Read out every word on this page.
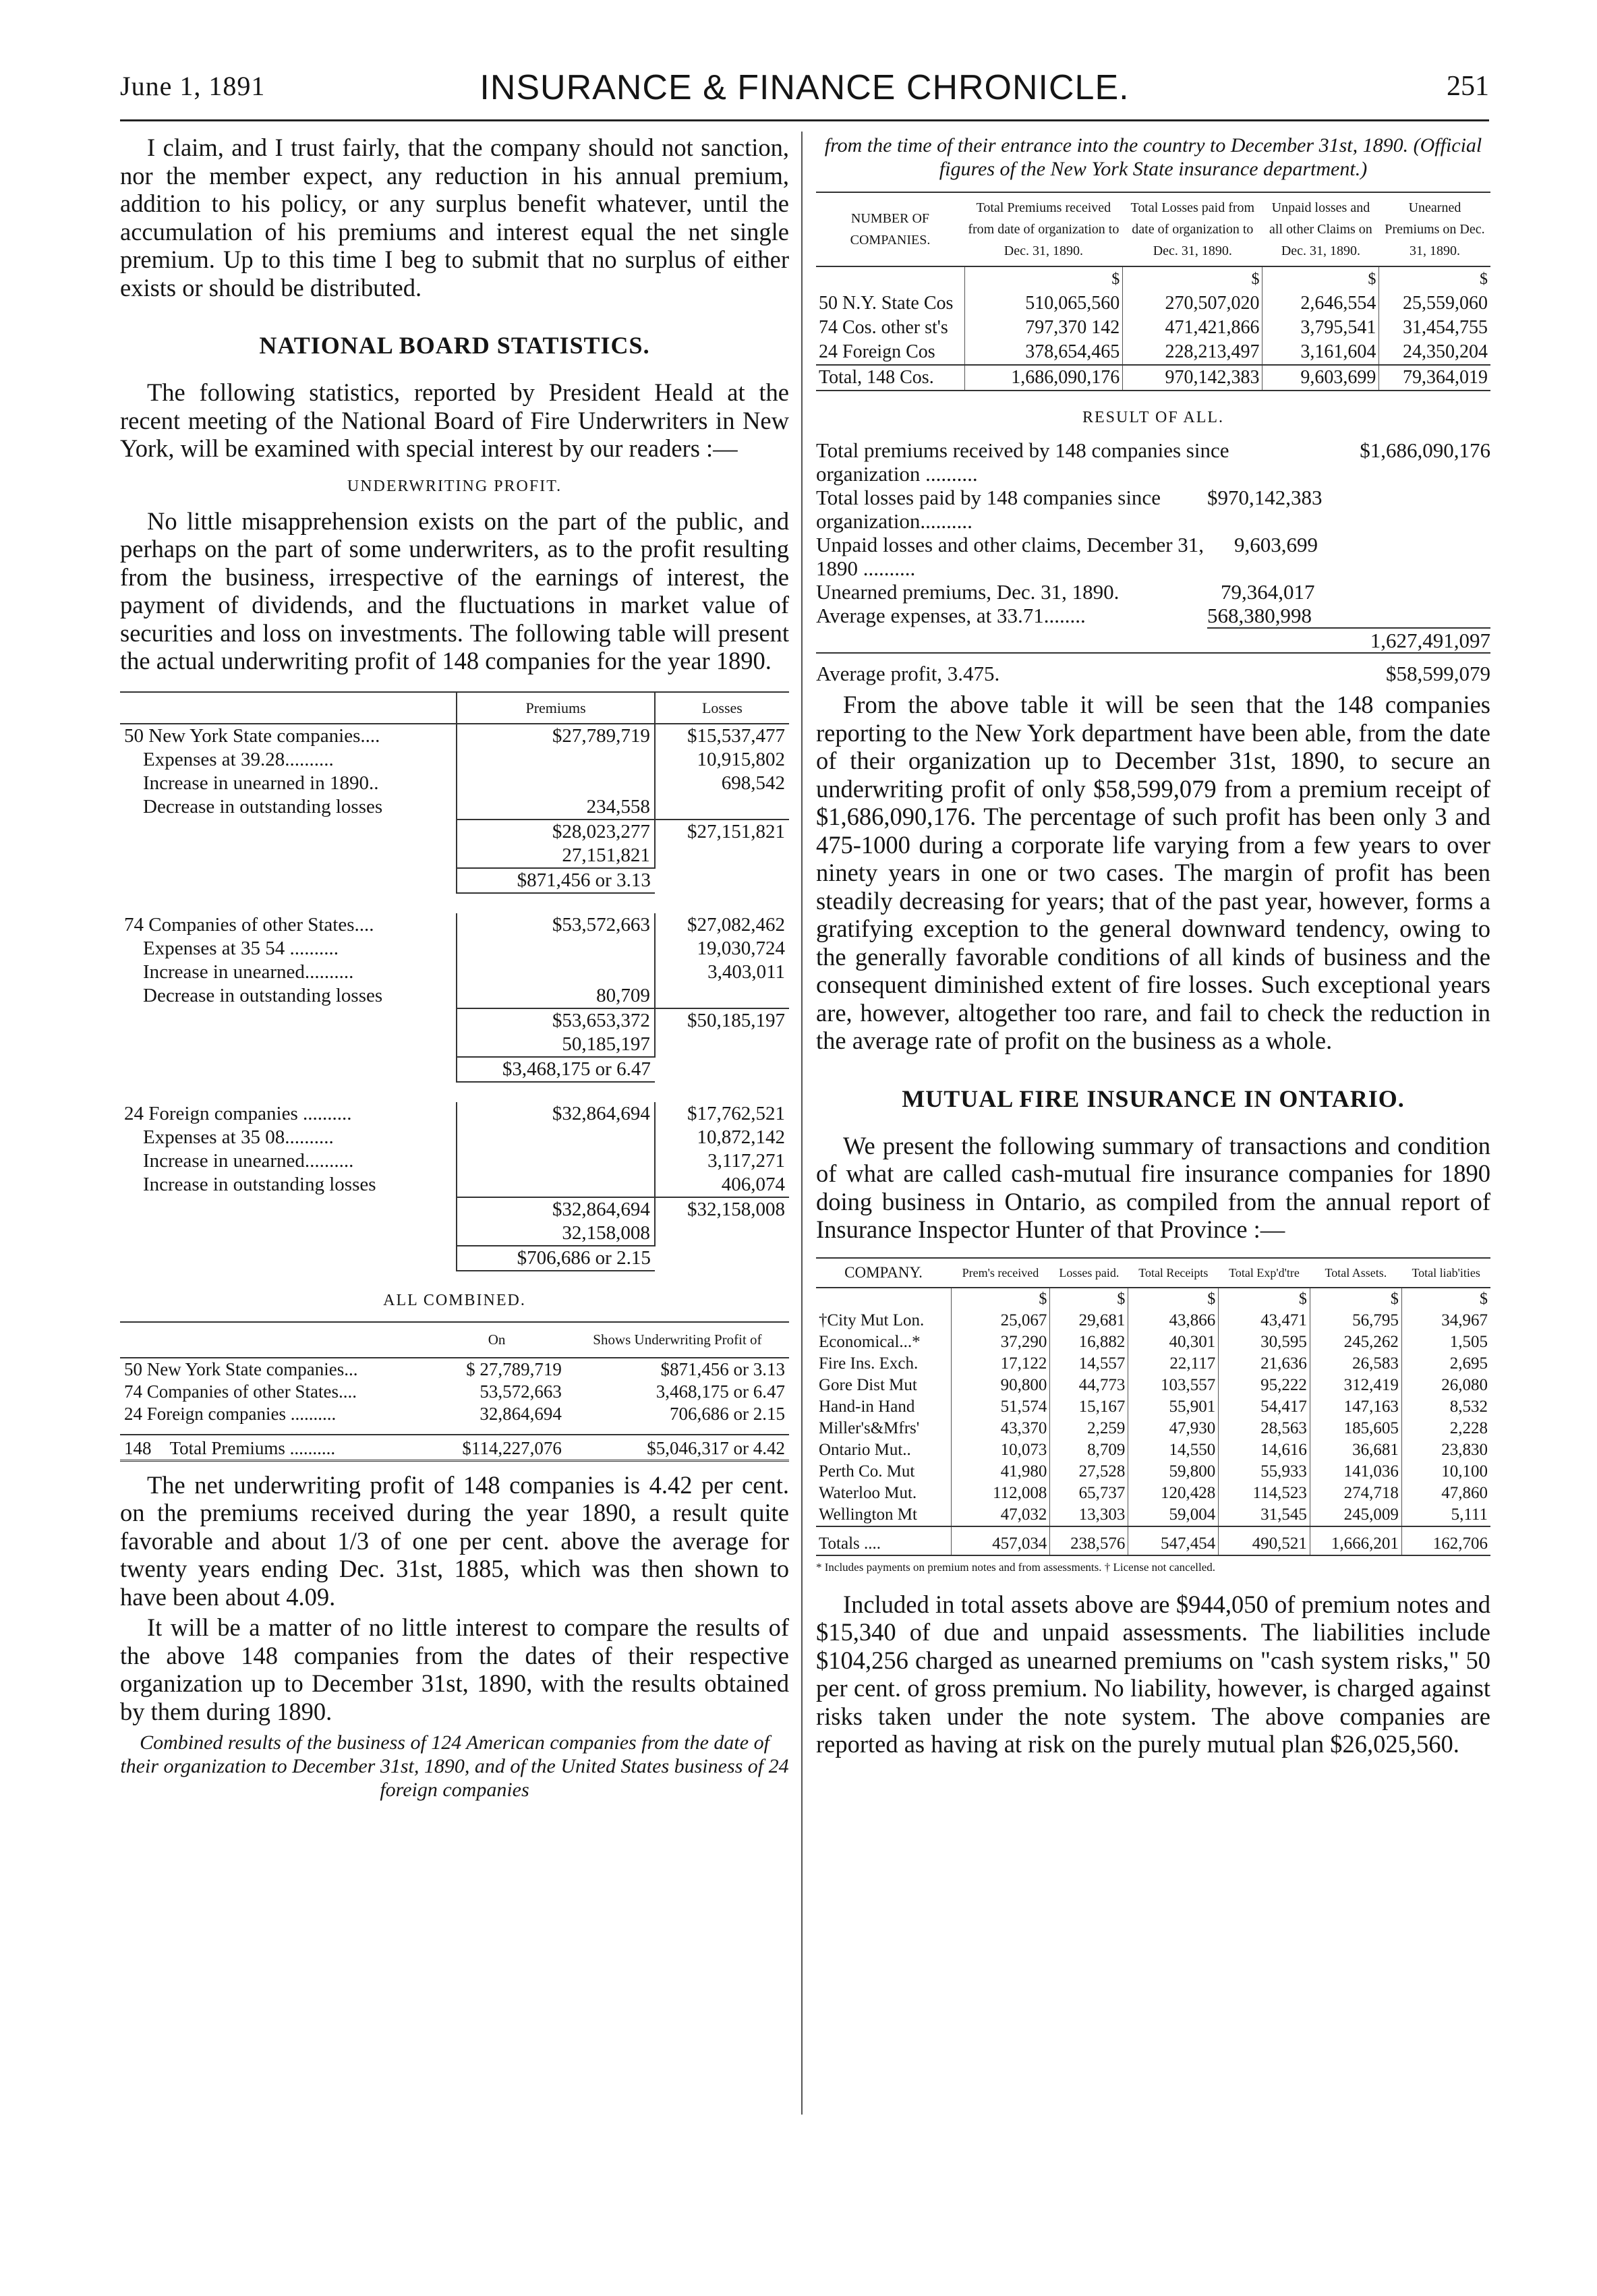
June 1, 1891	INSURANCE & FINANCE CHRONICLE.	251

I claim, and I trust fairly, that the company should not sanction, nor the member expect, any reduction in his annual premium, addition to his policy, or any surplus benefit whatever, until the accumulation of his premiums and interest equal the net single premium. Up to this time I beg to submit that no surplus of either exists or should be distributed.

NATIONAL BOARD STATISTICS.

The following statistics, reported by President Heald at the recent meeting of the National Board of Fire Underwriters in New York, will be examined with special interest by our readers :—

UNDERWRITING PROFIT.

No little misapprehension exists on the part of the public, and perhaps on the part of some underwriters, as to the profit resulting from the business, irrespective of the earnings of interest, the payment of dividends, and the fluctuations in market value of securities and loss on investments. The following table will present the actual underwriting profit of 148 companies for the year 1890.

	Premiums	Losses
50 New York State companies....	$27,789,719	$15,537,477
Expenses at 39.28..........		10,915,802
Increase in unearned in 1890..		698,542
Decrease in outstanding losses	234,558	
	$28,023,277	$27,151,821
	27,151,821	
	$871,456 or 3.13	

74 Companies of other States....	$53,572,663	$27,082,462
Expenses at 35 54 ..........		19,030,724
Increase in unearned..........		3,403,011
Decrease in outstanding losses	80,709	
	$53,653,372	$50,185,197
	50,185,197	
	$3,468,175 or 6.47	

24 Foreign companies ..........	$32,864,694	$17,762,521
Expenses at 35 08..........		10,872,142
Increase in unearned..........		3,117,271
Increase in outstanding losses		406,074
	$32,864,694	$32,158,008
	32,158,008	
	$706,686 or 2.15	
ALL COMBINED.
	On	Shows Underwriting Profit of
50 New York State companies...	$ 27,789,719	$871,456 or 3.13
74 Companies of other States....	53,572,663	3,468,175 or 6.47
24 Foreign companies ..........	32,864,694	706,686 or 2.15

148 Total Premiums ..........	$114,227,076	$5,046,317 or 4.42

The net underwriting profit of 148 companies is 4.42 per cent. on the premiums received during the year 1890, a result quite favorable and about 1/3 of one per cent. above the average for twenty years ending Dec. 31st, 1885, which was then shown to have been about 4.09.

It will be a matter of no little interest to compare the results of the above 148 companies from the dates of their respective organization up to December 31st, 1890, with the results obtained by them during 1890.

Combined results of the business of 124 American companies from the date of their organization to December 31st, 1890, and of the United States business of 24 foreign companies

from the time of their entrance into the country to December 31st, 1890. (Official figures of the New York State insurance department.)

NUMBER OF COMPANIES.	Total Premiums received from date of organization to Dec. 31, 1890.	Total Losses paid from date of organization to Dec. 31, 1890.	Unpaid losses and all other Claims on Dec. 31, 1890.	Unearned Premiums on Dec. 31, 1890.
	$	$	$	$
50 N.Y. State Cos	510,065,560	270,507,020	2,646,554	25,559,060
74 Cos. other st's	797,370 142	471,421,866	3,795,541	31,454,755
24 Foreign Cos	378,654,465	228,213,497	3,161,604	24,350,204
Total, 148 Cos.	1,686,090,176	970,142,383	9,603,699	79,364,019
RESULT OF ALL.
Total premiums received by 148 companies since organization ..........
$1,686,090,176
Total losses paid by 148 companies since organization..........
$970,142,383
Unpaid losses and other claims, December 31, 1890 ..........
9,603,699
Unearned premiums, Dec. 31, 1890.	79,364,017
Average expenses, at 33.71........	568,380,998
1,627,491,097
Average profit, 3.475.	$58,599,079

From the above table it will be seen that the 148 companies reporting to the New York department have been able, from the date of their organization up to December 31st, 1890, to secure an underwriting profit of only $58,599,079 from a premium receipt of $1,686,090,176. The percentage of such profit has been only 3 and 475-1000 during a corporate life varying from a few years to over ninety years in one or two cases. The margin of profit has been steadily decreasing for years; that of the past year, however, forms a gratifying exception to the general downward tendency, owing to the generally favorable conditions of all kinds of business and the consequent diminished extent of fire losses. Such exceptional years are, however, altogether too rare, and fail to check the reduction in the average rate of profit on the business as a whole.

MUTUAL FIRE INSURANCE IN ONTARIO.

We present the following summary of transactions and condition of what are called cash-mutual fire insurance companies for 1890 doing business in Ontario, as compiled from the annual report of Insurance Inspector Hunter of that Province :—

COMPANY.	Prem's received	Losses paid.	Total Receipts	Total Exp'd'tre	Total Assets.	Total liab'ities
	$	$	$	$	$	$
†City Mut Lon.	25,067	29,681	43,866	43,471	56,795	34,967
Economical...*	37,290	16,882	40,301	30,595	245,262	1,505
Fire Ins. Exch.	17,122	14,557	22,117	21,636	26,583	2,695
Gore Dist Mut	90,800	44,773	103,557	95,222	312,419	26,080
Hand-in Hand	51,574	15,167	55,901	54,417	147,163	8,532
Miller's&Mfrs'	43,370	2,259	47,930	28,563	185,605	2,228
Ontario Mut..	10,073	8,709	14,550	14,616	36,681	23,830
Perth Co. Mut	41,980	27,528	59,800	55,933	141,036	10,100
Waterloo Mut.	112,008	65,737	120,428	114,523	274,718	47,860
Wellington Mt	47,032	13,303	59,004	31,545	245,009	5,111
Totals ....	457,034	238,576	547,454	490,521	1,666,201	162,706

* Includes payments on premium notes and from assessments. † License not cancelled.

Included in total assets above are $944,050 of premium notes and $15,340 of due and unpaid assessments. The liabilities include $104,256 charged as unearned premiums on "cash system risks," 50 per cent. of gross premium. No liability, however, is charged against risks taken under the note system. The above companies are reported as having at risk on the purely mutual plan $26,025,560.
